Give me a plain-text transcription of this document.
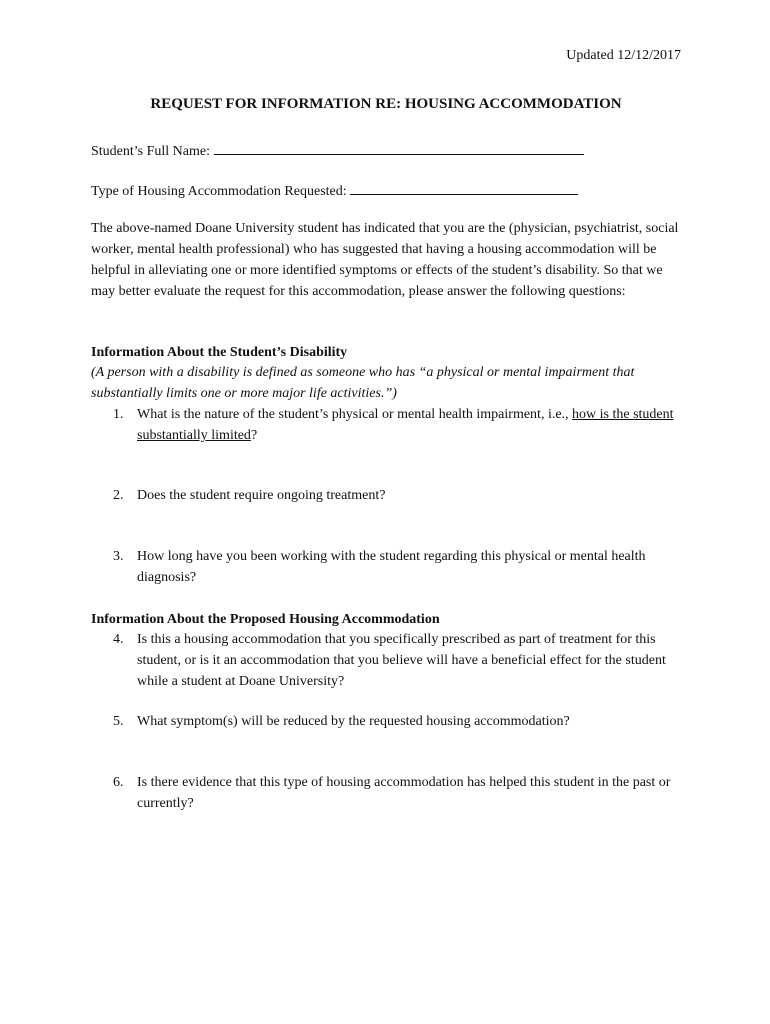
Updated 12/12/2017
REQUEST FOR INFORMATION RE: HOUSING ACCOMMODATION
Student’s Full Name:
Type of Housing Accommodation Requested:
The above-named Doane University student has indicated that you are the (physician, psychiatrist, social worker, mental health professional) who has suggested that having a housing accommodation will be helpful in alleviating one or more identified symptoms or effects of the student’s disability. So that we may better evaluate the request for this accommodation, please answer the following questions:
Information About the Student’s Disability
(A person with a disability is defined as someone who has “a physical or mental impairment that substantially limits one or more major life activities.”)
1. What is the nature of the student’s physical or mental health impairment, i.e., how is the student substantially limited?
2. Does the student require ongoing treatment?
3. How long have you been working with the student regarding this physical or mental health diagnosis?
Information About the Proposed Housing Accommodation
4. Is this a housing accommodation that you specifically prescribed as part of treatment for this student, or is it an accommodation that you believe will have a beneficial effect for the student while a student at Doane University?
5. What symptom(s) will be reduced by the requested housing accommodation?
6. Is there evidence that this type of housing accommodation has helped this student in the past or currently?
